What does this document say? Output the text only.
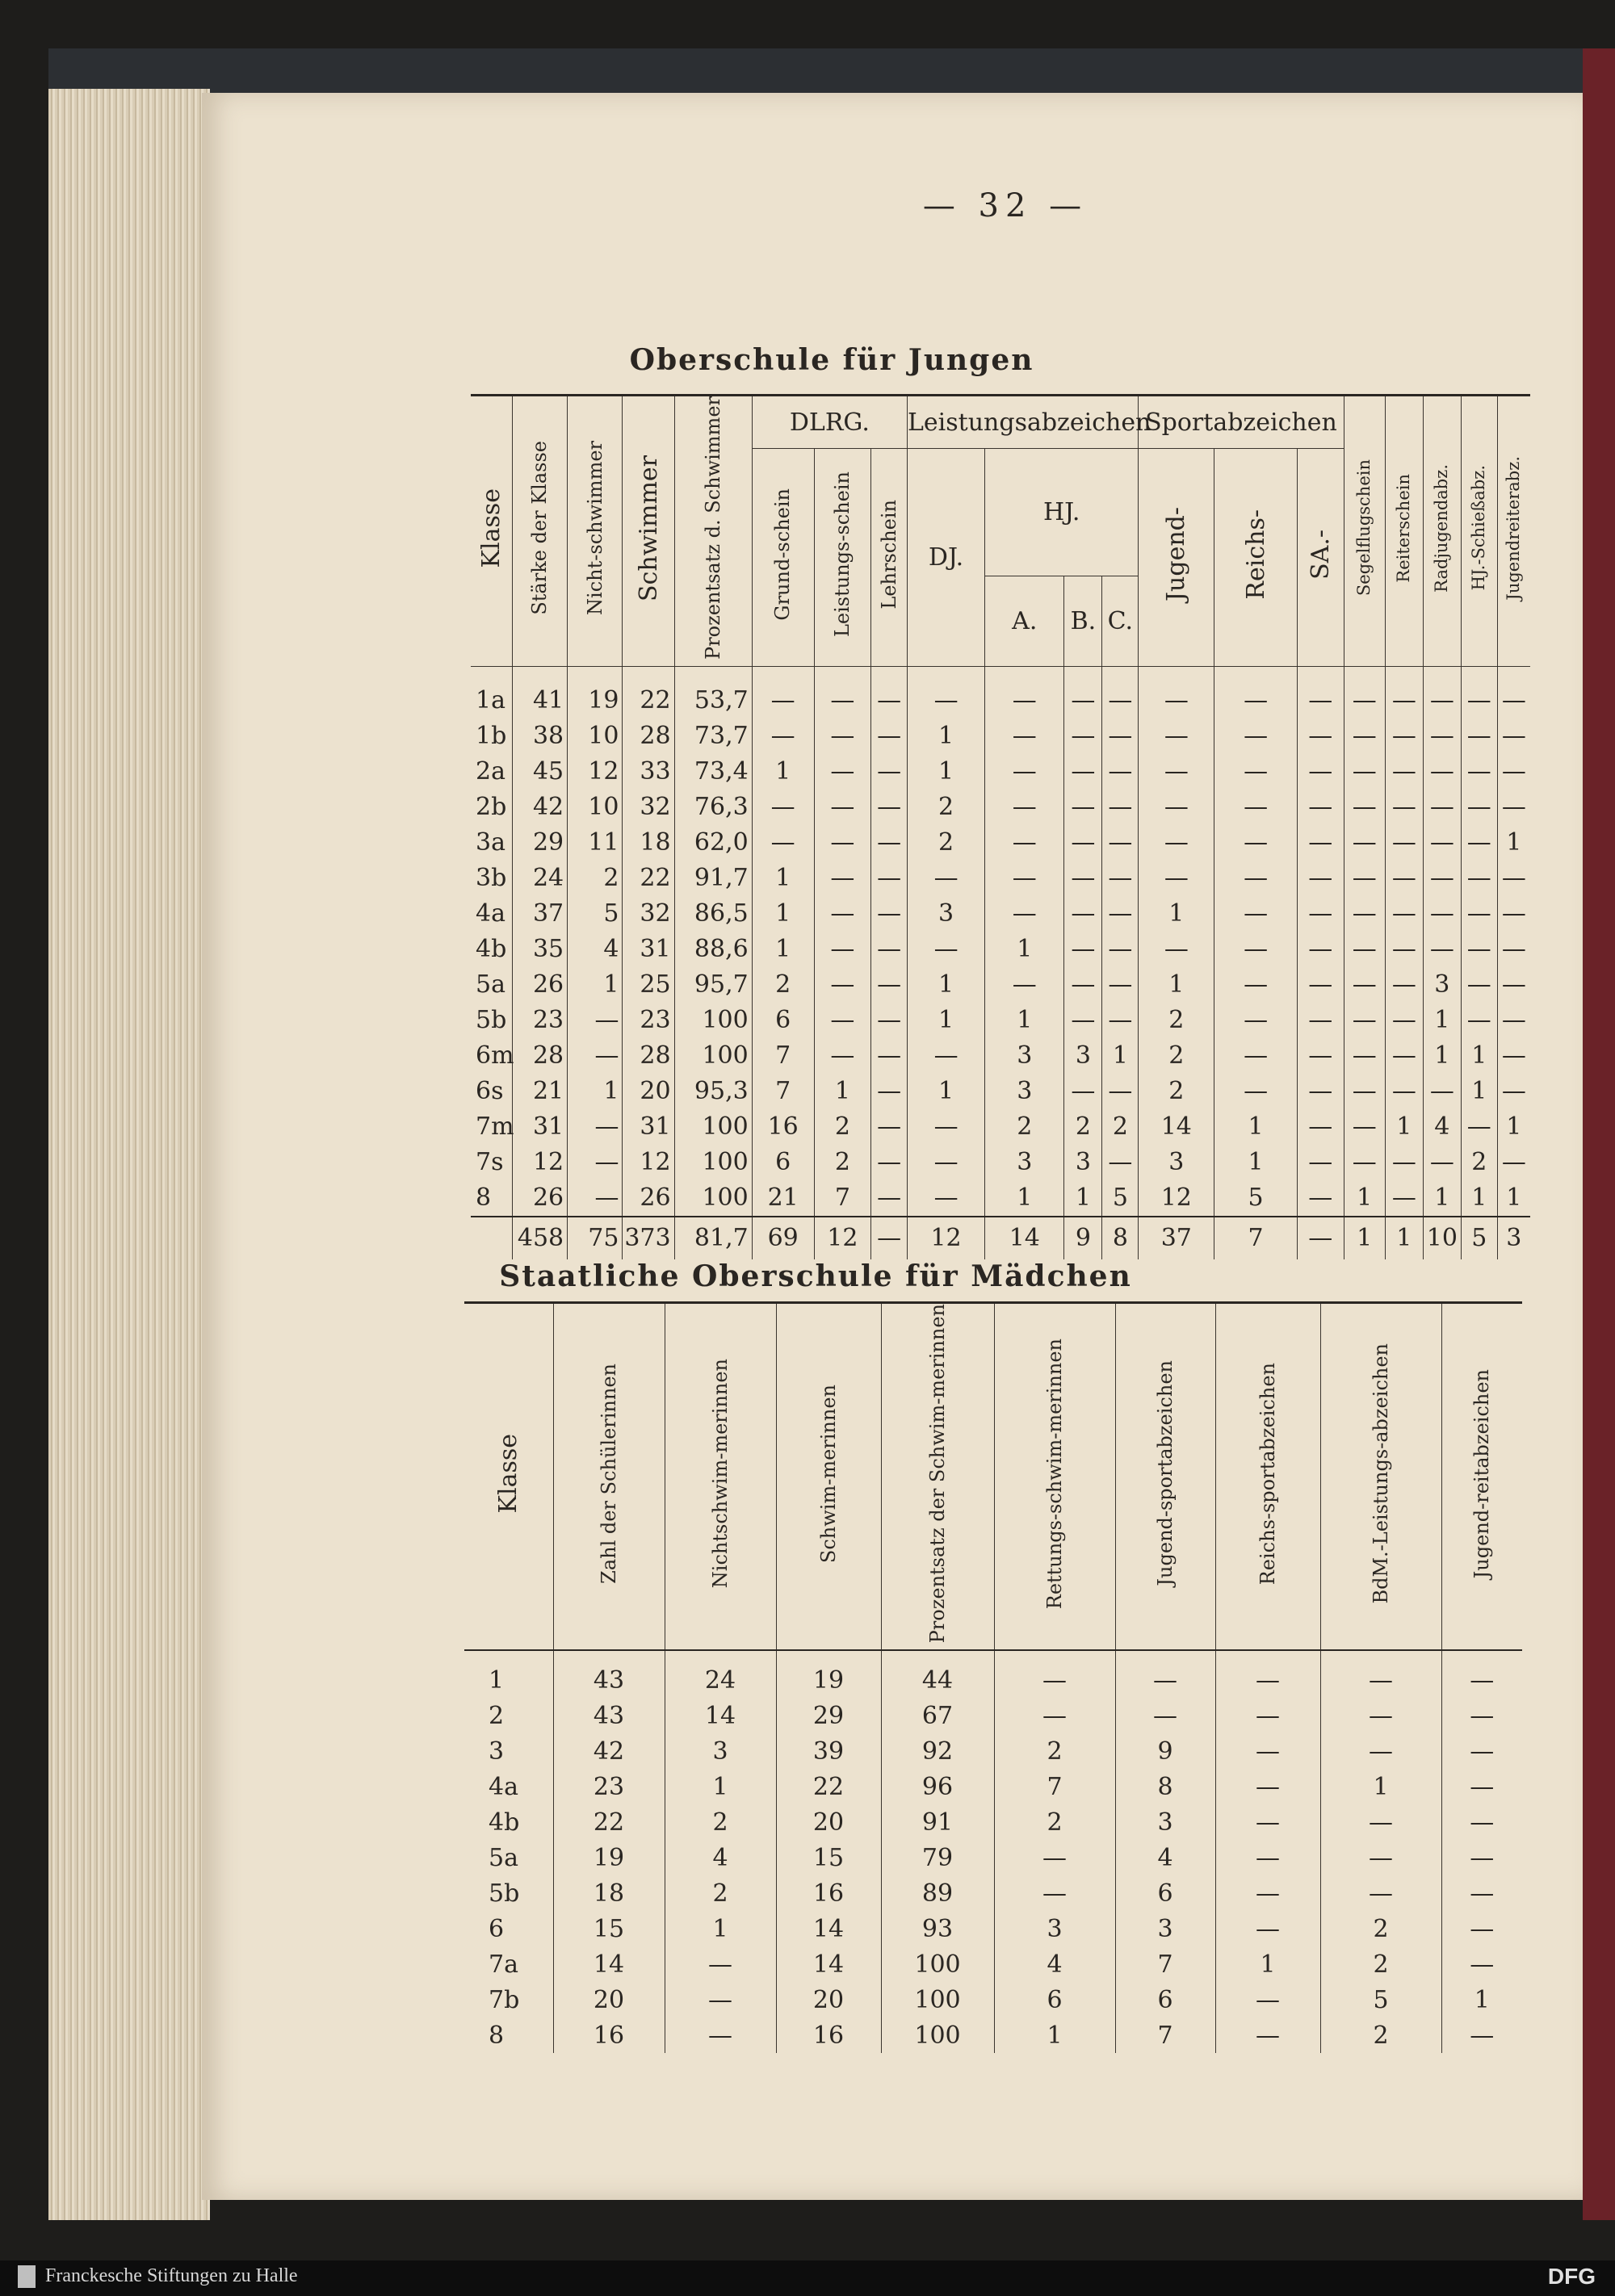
— 32 —
Oberschule für Jungen
Klasse	Stärke der Klasse	Nicht-schwimmer	Schwimmer	Prozentsatz d. Schwimmer	DLRG.			Leistungsabzeichen				Sportabzeichen			Segelflugschein	Reiterschein	Radjugendabz.	HJ.-Schießabz.	Jugendreiterabz.
					Grund-schein	Leistungs-schein	Lehrschein	DJ.	HJ.			Jugend-	Reichs-	SA.-					
									A.	B.	C.								
1a	41	19	22	53,7	—	—	—	—	—	—	—	—	—	—	—	—	—	—	—
1b	38	10	28	73,7	—	—	—	1	—	—	—	—	—	—	—	—	—	—	—
2a	45	12	33	73,4	1	—	—	1	—	—	—	—	—	—	—	—	—	—	—
2b	42	10	32	76,3	—	—	—	2	—	—	—	—	—	—	—	—	—	—	—
3a	29	11	18	62,0	—	—	—	2	—	—	—	—	—	—	—	—	—	—	1
3b	24	2	22	91,7	1	—	—	—	—	—	—	—	—	—	—	—	—	—	—
4a	37	5	32	86,5	1	—	—	3	—	—	—	1	—	—	—	—	—	—	—
4b	35	4	31	88,6	1	—	—	—	1	—	—	—	—	—	—	—	—	—	—
5a	26	1	25	95,7	2	—	—	1	—	—	—	1	—	—	—	—	3	—	—
5b	23	—	23	100	6	—	—	1	1	—	—	2	—	—	—	—	1	—	—
6m	28	—	28	100	7	—	—	—	3	3	1	2	—	—	—	—	1	1	—
6s	21	1	20	95,3	7	1	—	1	3	—	—	2	—	—	—	—	—	1	—
7m	31	—	31	100	16	2	—	—	2	2	2	14	1	—	—	1	4	—	1
7s	12	—	12	100	6	2	—	—	3	3	—	3	1	—	—	—	—	2	—
8	26	—	26	100	21	7	—	—	1	1	5	12	5	—	1	—	1	1	1
	458	75	373	81,7	69	12	—	12	14	9	8	37	7	—	1	1	10	5	3
Staatliche Oberschule für Mädchen
Klasse	Zahl der Schülerinnen	Nichtschwim-merinnen	Schwim-merinnen	Prozentsatz der Schwim-merinnen	Rettungs-schwim-merinnen	Jugend-sportabzeichen	Reichs-sportabzeichen	BdM.-Leistungs-abzeichen	Jugend-reitabzeichen
1	43	24	19	44	—	—	—	—	—
2	43	14	29	67	—	—	—	—	—
3	42	3	39	92	2	9	—	—	—
4a	23	1	22	96	7	8	—	1	—
4b	22	2	20	91	2	3	—	—	—
5a	19	4	15	79	—	4	—	—	—
5b	18	2	16	89	—	6	—	—	—
6	15	1	14	93	3	3	—	2	—
7a	14	—	14	100	4	7	1	2	—
7b	20	—	20	100	6	6	—	5	1
8	16	—	16	100	1	7	—	2	—
Franckesche Stiftungen zu Halle	DFG
